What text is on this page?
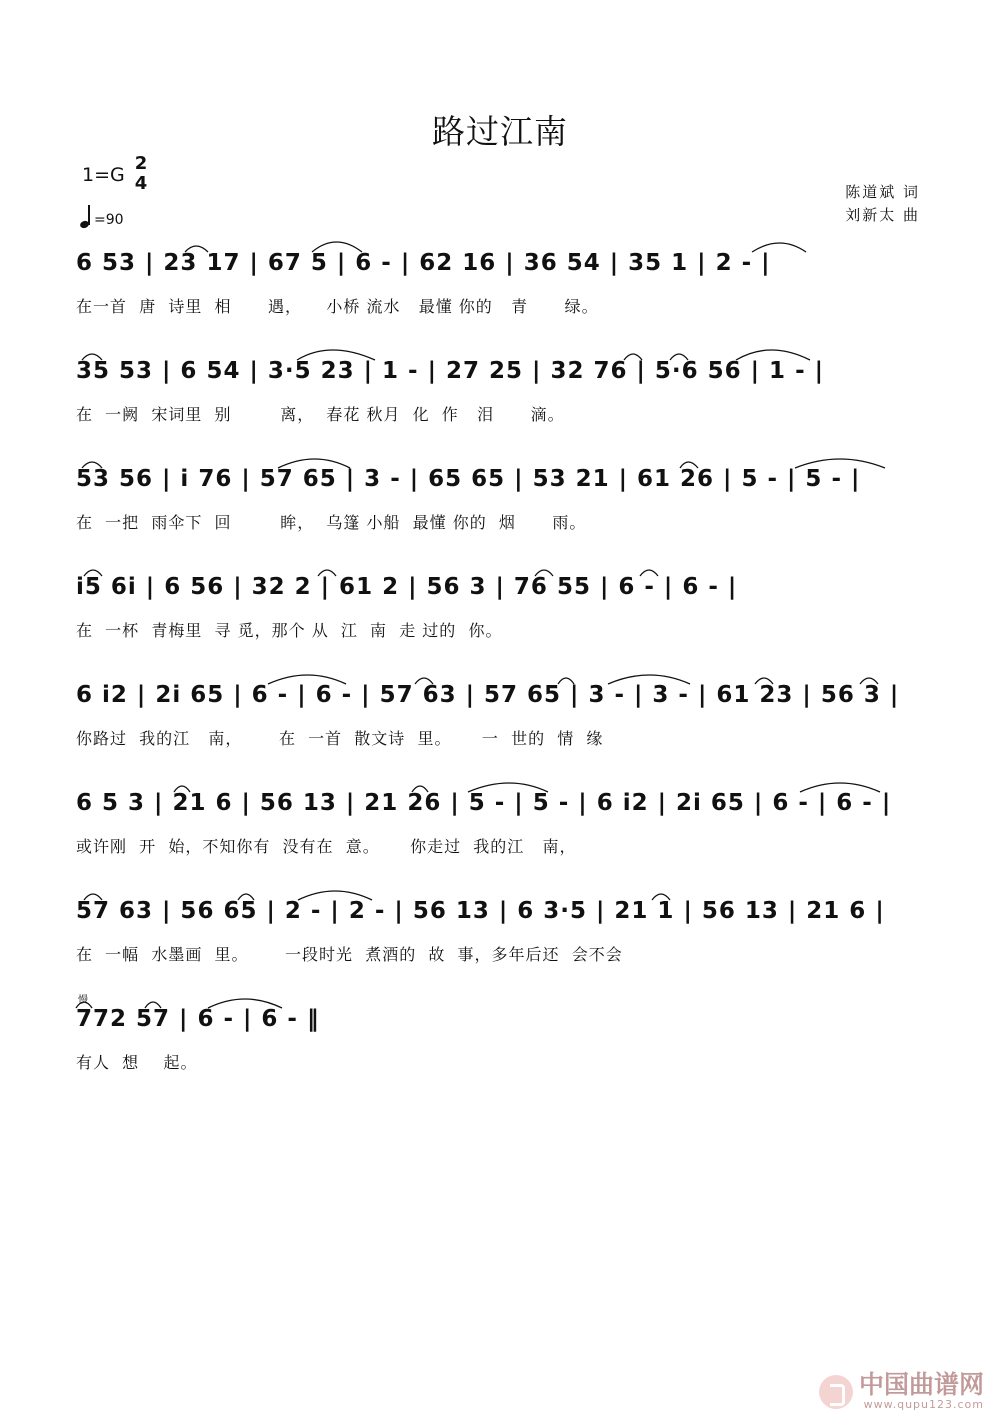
路过江南
1=G
2
4
=90
陈道斌 词
刘新太 曲
6 53 | 23 17 | 67 5 | 6 - | 62 16 | 36 54 | 35 1 | 2 - |
在一首  唐  诗里  相      遇，    小桥 流水   最懂 你的   青      绿。
35 53 | 6 54 | 3·5 23 | 1 - | 27 25 | 32 76 | 5·6 56 | 1 - |
在  一阙  宋词里  别        离，  春花 秋月  化  作   泪      滴。
53 56 | i 76 | 57 65 | 3 - | 65 65 | 53 21 | 61 26 | 5 - | 5 - |
在  一把  雨伞下  回        眸，  乌篷 小船  最懂 你的  烟      雨。
i5 6i | 6 56 | 32 2 | 61 2 | 56 3 | 76 55 | 6 - | 6 - |
在  一杯  青梅里  寻 觅，那个 从  江  南  走 过的  你。
6 i2 | 2i 65 | 6 - | 6 - | 57 63 | 57 65 | 3 - | 3 - | 61 23 | 56 3 |
你路过  我的江   南，      在  一首  散文诗  里。     一  世的  情  缘
6 5 3 | 21 6 | 56 13 | 21 26 | 5 - | 5 - | 6 i2 | 2i 65 | 6 - | 6 - |
或许刚  开  始，不知你有  没有在  意。     你走过  我的江   南，
57 63 | 56 65 | 2 - | 2 - | 56 13 | 6 3·5 | 21 1 | 56 13 | 21 6 |
在  一幅  水墨画  里。      一段时光  煮酒的  故  事，多年后还  会不会
慢
772 57 | 6 - | 6 - ‖
有人  想    起。
中国曲谱网
www.qupu123.com
